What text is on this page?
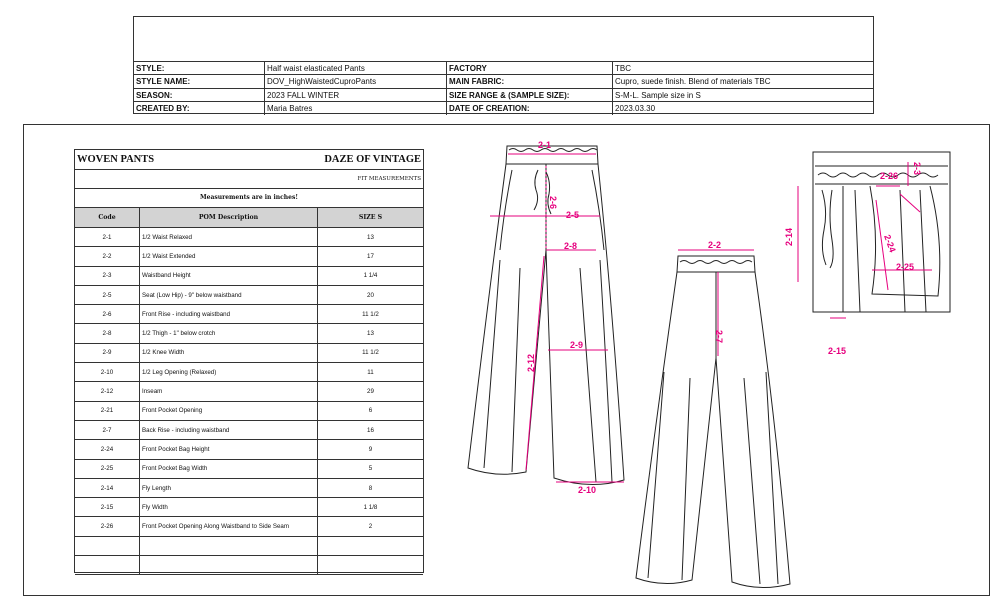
STYLE:	Half waist elasticated Pants	FACTORY	TBC
STYLE NAME:	DOV_HighWaistedCuproPants	MAIN FABRIC:	Cupro, suede finish. Blend of materials TBC
SEASON:	2023 FALL WINTER	SIZE RANGE & (SAMPLE SIZE):	S-M-L. Sample size in S
CREATED BY:	Maria Batres	DATE OF CREATION:	2023.03.30
WOVEN PANTS	DAZE OF VINTAGE
FIT MEASUREMENTS
Measurements are in inches!
Code	POM Description	SIZE S
2-1	1/2 Waist Relaxed	13
2-2	1/2 Waist Extended	17
2-3	Waistband Height	1 1/4
2-5	Seat (Low Hip) - 9" below waistband	20
2-6	Front Rise - including waistband	11 1/2
2-8	1/2 Thigh - 1" below crotch	13
2-9	1/2 Knee Width	11 1/2
2-10	1/2 Leg Opening (Relaxed)	11
2-12	Inseam	29
2-21	Front Pocket Opening	6
2-7	Back Rise - including waistband	16
2-24	Front Pocket Bag Height	9
2-25	Front Pocket Bag Width	5
2-14	Fly Length	8
2-15	Fly Width	1 1/8
2-26	Front Pocket Opening Along Waistband to Side Seam	2
2-1
2-6
2-5
2-8
2-9
2-12
2-10
2-2
2-7
2-3
2-26
2-24
2-14
2-25
2-15
